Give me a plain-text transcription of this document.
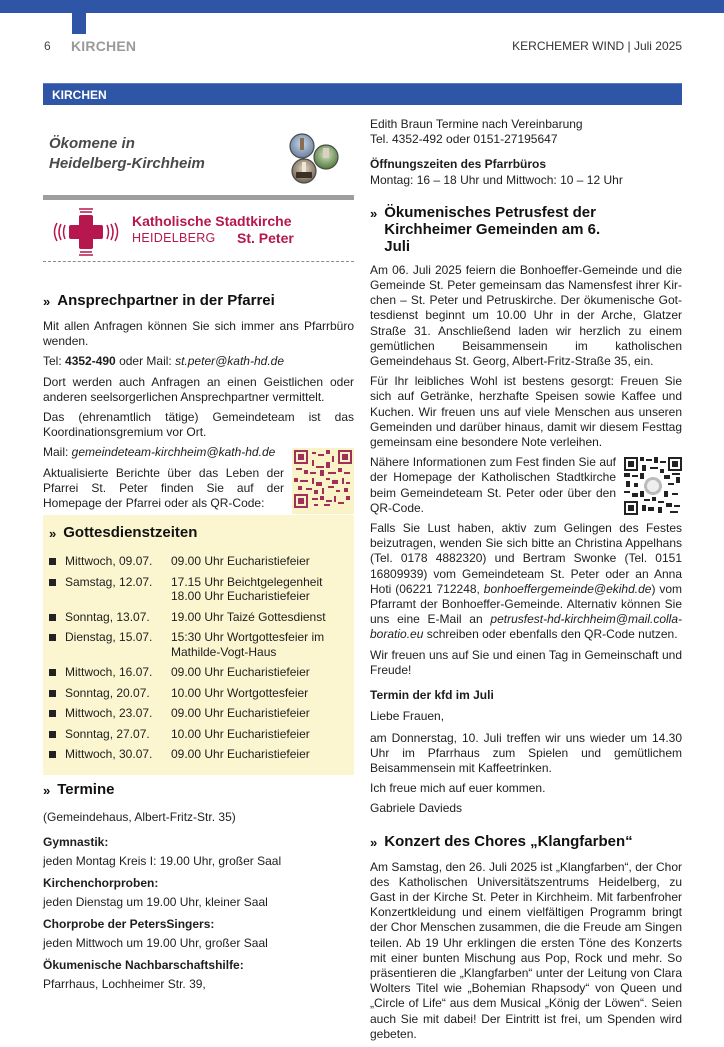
6 KIRCHEN	KERCHEMER WIND | Juli 2025
KIRCHEN
Ökomene in
Heidelberg-Kirchheim
Katholische Stadtkirche
HEIDELBERG St. Peter
» Ansprechpartner in der Pfarrei
Mit allen Anfragen können Sie sich immer ans Pfarrbüro wenden.
Tel: 4352-490 oder Mail: st.peter@kath-hd.de
Dort werden auch Anfragen an einen Geistlichen oder anderen seelsorgerlichen Ansprechpartner vermittelt.
Das (ehrenamtlich tätige) Gemeindeteam ist das Koordinationsgremium vor Ort.
Mail: gemeindeteam-kirchheim@kath-hd.de
Aktualisierte Berichte über das Leben der Pfarrei St. Peter finden Sie auf der Homepage der Pfarrei oder als QR-Code:
» Gottesdienstzeiten
Mittwoch, 09.07.	09.00 Uhr Eucharistiefeier
Samstag, 12.07.	17.15 Uhr Beichtgelegenheit
18.00 Uhr Eucharistiefeier
Sonntag, 13.07.	19.00 Uhr Taizé Gottesdienst
Dienstag, 15.07.	15:30 Uhr Wortgottesfeier im Mathilde-Vogt-Haus
Mittwoch, 16.07.	09.00 Uhr Eucharistiefeier
Sonntag, 20.07.	10.00 Uhr Wortgottesfeier
Mittwoch, 23.07.	09.00 Uhr Eucharistiefeier
Sonntag, 27.07.	10.00 Uhr Eucharistiefeier
Mittwoch, 30.07.	09.00 Uhr Eucharistiefeier
» Termine
(Gemeindehaus, Albert-Fritz-Str. 35)
Gymnastik:
jeden Montag Kreis I: 19.00 Uhr, großer Saal
Kirchenchorproben:
jeden Dienstag um 19.00 Uhr, kleiner Saal
Chorprobe der PetersSingers:
jeden Mittwoch um 19.00 Uhr, großer Saal
Ökumenische Nachbarschaftshilfe:
Pfarrhaus, Lochheimer Str. 39,
Edith Braun Termine nach Vereinbarung
Tel. 4352-492 oder 0151-27195647
Öffnungszeiten des Pfarrbüros
Montag: 16 – 18 Uhr und Mittwoch: 10 – 12 Uhr
» Ökumenisches Petrusfest der Kirchheimer Gemeinden am 6. Juli
Am 06. Juli 2025 feiern die Bonhoeffer-Gemeinde und die Gemeinde St. Peter gemeinsam das Namensfest ihrer Kirchen – St. Peter und Petruskirche. Der ökumenische Gottesdienst beginnt um 10.00 Uhr in der Arche, Glatzer Straße 31. Anschließend laden wir herzlich zu einem gemütlichen Beisammensein im katholischen Gemeindehaus St. Georg, Albert-Fritz-Straße 35, ein.
Für Ihr leibliches Wohl ist bestens gesorgt: Freuen Sie sich auf Getränke, herzhafte Speisen sowie Kaffee und Kuchen. Wir freuen uns auf viele Menschen aus unseren Gemeinden und darüber hinaus, damit wir diesem Festtag gemeinsam eine besondere Note verleihen.
Nähere Informationen zum Fest finden Sie auf der Homepage der Katholischen Stadtkirche beim Gemeindeteam St. Peter oder über den QR-Code.
Falls Sie Lust haben, aktiv zum Gelingen des Festes beizutragen, wenden Sie sich bitte an Christina Appelhans (Tel. 0178 4882320) und Bertram Swonke (Tel. 0151 16809939) vom Gemeindeteam St. Peter oder an Anna Hoti (06221 712248, bonhoeffergemeinde@ekihd.de) vom Pfarramt der Bonhoeffer-Gemeinde. Alternativ können Sie uns eine E-Mail an petrusfest-hd-kirchheim@mail.collaboratio.eu schreiben oder ebenfalls den QR-Code nutzen.
Wir freuen uns auf Sie und einen Tag in Gemeinschaft und Freude!
Termin der kfd im Juli
Liebe Frauen,
am Donnerstag, 10. Juli treffen wir uns wieder um 14.30 Uhr im Pfarrhaus zum Spielen und gemütlichem Beisammensein mit Kaffeetrinken.
Ich freue mich auf euer kommen.
Gabriele Davieds
» Konzert des Chores „Klangfarben“
Am Samstag, den 26. Juli 2025 ist „Klangfarben“, der Chor des Katholischen Universitätszentrums Heidelberg, zu Gast in der Kirche St. Peter in Kirchheim. Mit farbenfroher Konzertkleidung und einem vielfältigen Programm bringt der Chor Menschen zusammen, die die Freude am Singen teilen. Ab 19 Uhr erklingen die ersten Töne des Konzerts mit einer bunten Mischung aus Pop, Rock und mehr. So präsentieren die „Klangfarben“ unter der Leitung von Clara Wolters Titel wie „Bohemian Rhapsody“ von Queen und „Circle of Life“ aus dem Musical „König der Löwen“. Seien auch Sie mit dabei! Der Eintritt ist frei, um Spenden wird gebeten.
